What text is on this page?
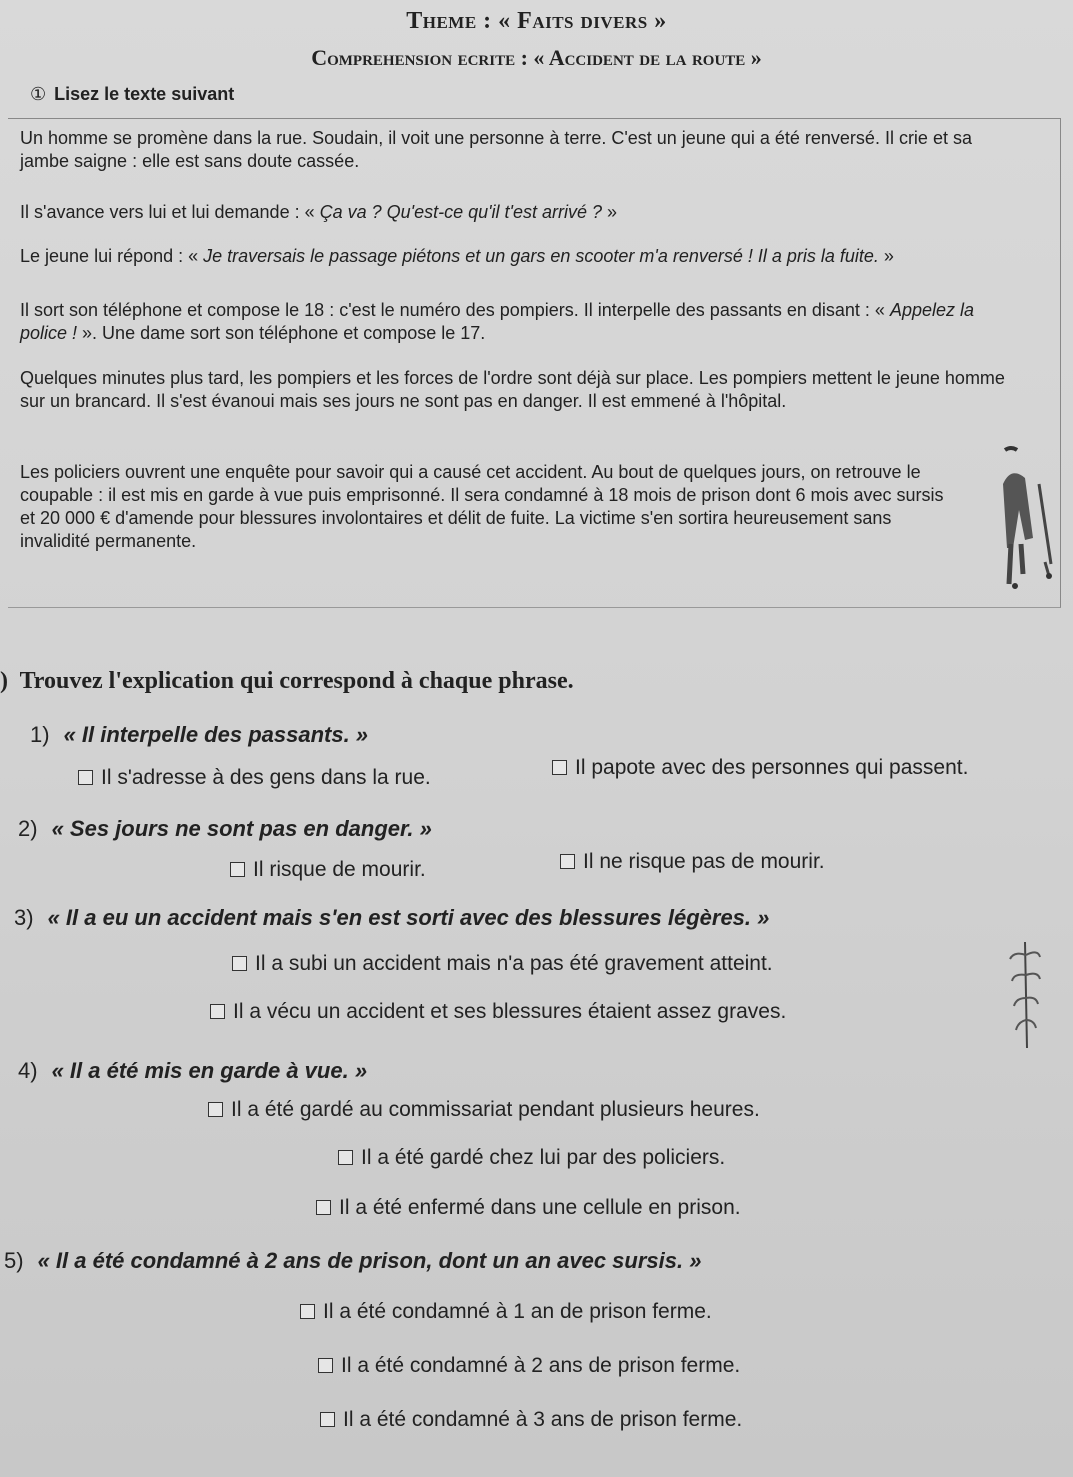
Theme : « Faits divers »
Comprehension ecrite : « Accident de la route »
① Lisez le texte suivant
Un homme se promène dans la rue. Soudain, il voit une personne à terre. C'est un jeune qui a été renversé. Il crie et sa jambe saigne : elle est sans doute cassée.
Il s'avance vers lui et lui demande : « Ça va ? Qu'est-ce qu'il t'est arrivé ? »
Le jeune lui répond : « Je traversais le passage piétons et un gars en scooter m'a renversé ! Il a pris la fuite. »
Il sort son téléphone et compose le 18 : c'est le numéro des pompiers. Il interpelle des passants en disant : « Appelez la police ! ». Une dame sort son téléphone et compose le 17.
Quelques minutes plus tard, les pompiers et les forces de l'ordre sont déjà sur place. Les pompiers mettent le jeune homme sur un brancard. Il s'est évanoui mais ses jours ne sont pas en danger. Il est emmené à l'hôpital.
Les policiers ouvrent une enquête pour savoir qui a causé cet accident. Au bout de quelques jours, on retrouve le coupable : il est mis en garde à vue puis emprisonné. Il sera condamné à 18 mois de prison dont 6 mois avec sursis et 20 000 € d'amende pour blessures involontaires et délit de fuite. La victime s'en sortira heureusement sans invalidité permanente.
) Trouvez l'explication qui correspond à chaque phrase.
1) « Il interpelle des passants. »
Il s'adresse à des gens dans la rue.	Il papote avec des personnes qui passent.
2) « Ses jours ne sont pas en danger. »
Il risque de mourir.	Il ne risque pas de mourir.
3) « Il a eu un accident mais s'en est sorti avec des blessures légères. »
Il a subi un accident mais n'a pas été gravement atteint.
Il a vécu un accident et ses blessures étaient assez graves.
4) « Il a été mis en garde à vue. »
Il a été gardé au commissariat pendant plusieurs heures.
Il a été gardé chez lui par des policiers.
Il a été enfermé dans une cellule en prison.
5) « Il a été condamné à 2 ans de prison, dont un an avec sursis. »
Il a été condamné à 1 an de prison ferme.
Il a été condamné à 2 ans de prison ferme.
Il a été condamné à 3 ans de prison ferme.
